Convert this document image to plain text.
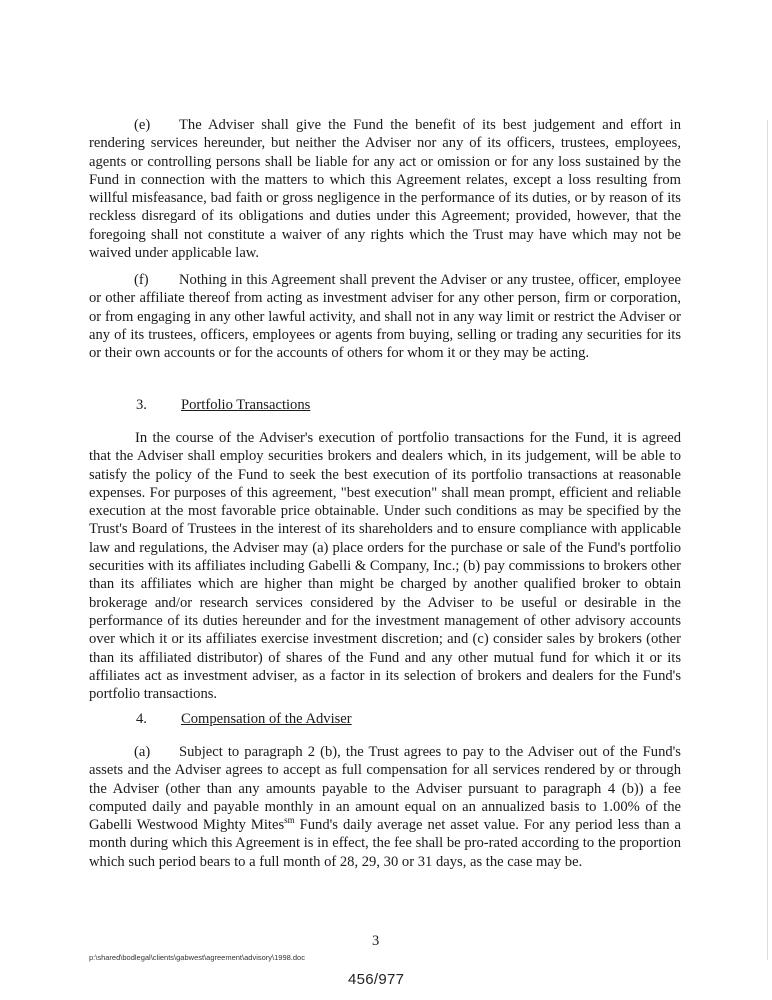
(e) The Adviser shall give the Fund the benefit of its best judgement and effort in rendering services hereunder, but neither the Adviser nor any of its officers, trustees, employees, agents or controlling persons shall be liable for any act or omission or for any loss sustained by the Fund in connection with the matters to which this Agreement relates, except a loss resulting from willful misfeasance, bad faith or gross negligence in the performance of its duties, or by reason of its reckless disregard of its obligations and duties under this Agreement; provided, however, that the foregoing shall not constitute a waiver of any rights which the Trust may have which may not be waived under applicable law.

(f) Nothing in this Agreement shall prevent the Adviser or any trustee, officer, employee or other affiliate thereof from acting as investment adviser for any other person, firm or corporation, or from engaging in any other lawful activity, and shall not in any way limit or restrict the Adviser or any of its trustees, officers, employees or agents from buying, selling or trading any securities for its or their own accounts or for the accounts of others for whom it or they may be acting.

3. Portfolio Transactions

In the course of the Adviser's execution of portfolio transactions for the Fund, it is agreed that the Adviser shall employ securities brokers and dealers which, in its judgement, will be able to satisfy the policy of the Fund to seek the best execution of its portfolio transactions at reasonable expenses. For purposes of this agreement, "best execution" shall mean prompt, efficient and reliable execution at the most favorable price obtainable. Under such conditions as may be specified by the Trust's Board of Trustees in the interest of its shareholders and to ensure compliance with applicable law and regulations, the Adviser may (a) place orders for the purchase or sale of the Fund's portfolio securities with its affiliates including Gabelli & Company, Inc.; (b) pay commissions to brokers other than its affiliates which are higher than might be charged by another qualified broker to obtain brokerage and/or research services considered by the Adviser to be useful or desirable in the performance of its duties hereunder and for the investment management of other advisory accounts over which it or its affiliates exercise investment discretion; and (c) consider sales by brokers (other than its affiliated distributor) of shares of the Fund and any other mutual fund for which it or its affiliates act as investment adviser, as a factor in its selection of brokers and dealers for the Fund's portfolio transactions.

4. Compensation of the Adviser

(a) Subject to paragraph 2 (b), the Trust agrees to pay to the Adviser out of the Fund's assets and the Adviser agrees to accept as full compensation for all services rendered by or through the Adviser (other than any amounts payable to the Adviser pursuant to paragraph 4 (b)) a fee computed daily and payable monthly in an amount equal on an annualized basis to 1.00% of the Gabelli Westwood Mighty Mites$^{sm}$ Fund's daily average net asset value. For any period less than a month during which this Agreement is in effect, the fee shall be pro-rated according to the proportion which such period bears to a full month of 28, 29, 30 or 31 days, as the case may be.

3
p:\shared\bodlegal\clients\gabwest\agreement\advisory\1998.doc
456/977
